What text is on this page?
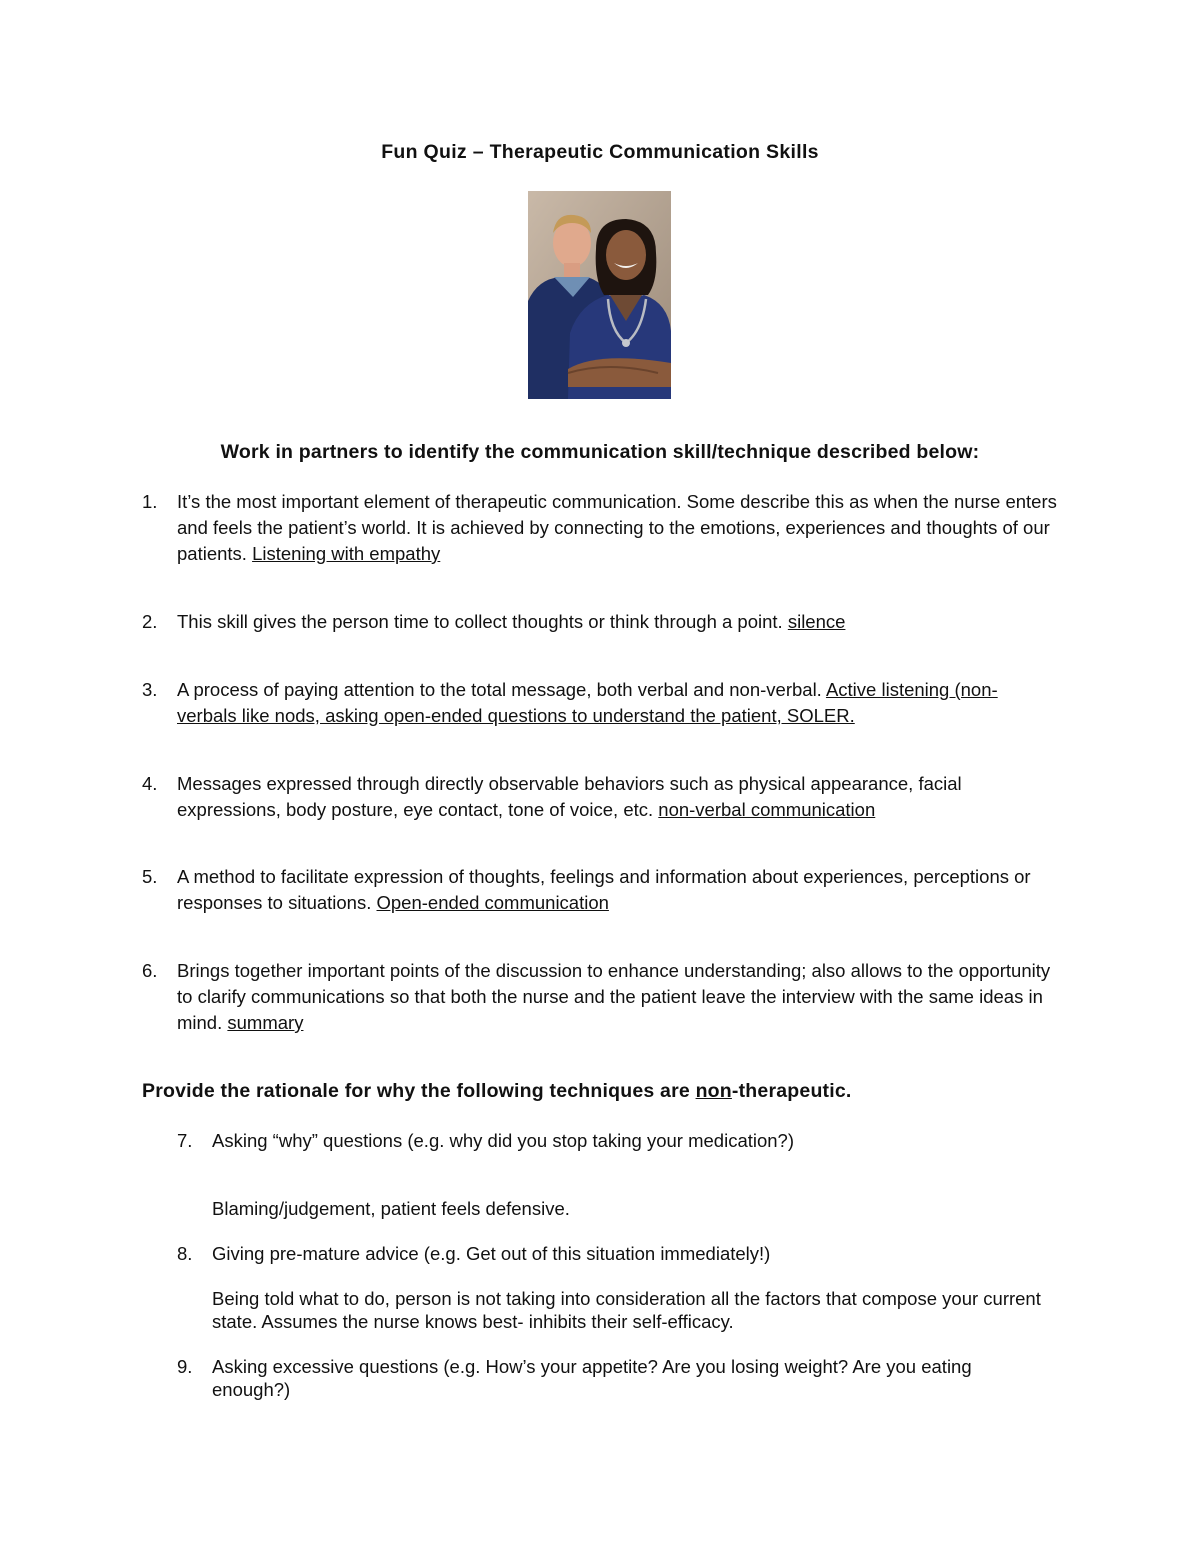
Fun Quiz – Therapeutic Communication Skills
Work in partners to identify the communication skill/technique described below:
1. It’s the most important element of therapeutic communication. Some describe this as when the nurse enters and feels the patient’s world. It is achieved by connecting to the emotions, experiences and thoughts of our patients. Listening with empathy
2. This skill gives the person time to collect thoughts or think through a point. silence
3. A process of paying attention to the total message, both verbal and non-verbal. Active listening (non-verbals like nods, asking open-ended questions to understand the patient, SOLER.
4. Messages expressed through directly observable behaviors such as physical appearance, facial expressions, body posture, eye contact, tone of voice, etc. non-verbal communication
5. A method to facilitate expression of thoughts, feelings and information about experiences, perceptions or responses to situations. Open-ended communication
6. Brings together important points of the discussion to enhance understanding; also allows to the opportunity to clarify communications so that both the nurse and the patient leave the interview with the same ideas in mind. summary
Provide the rationale for why the following techniques are non-therapeutic.
7. Asking “why” questions (e.g. why did you stop taking your medication?)
Blaming/judgement, patient feels defensive.
8. Giving pre-mature advice (e.g. Get out of this situation immediately!)
Being told what to do, person is not taking into consideration all the factors that compose your current state. Assumes the nurse knows best- inhibits their self-efficacy.
9. Asking excessive questions (e.g. How’s your appetite? Are you losing weight? Are you eating enough?)
